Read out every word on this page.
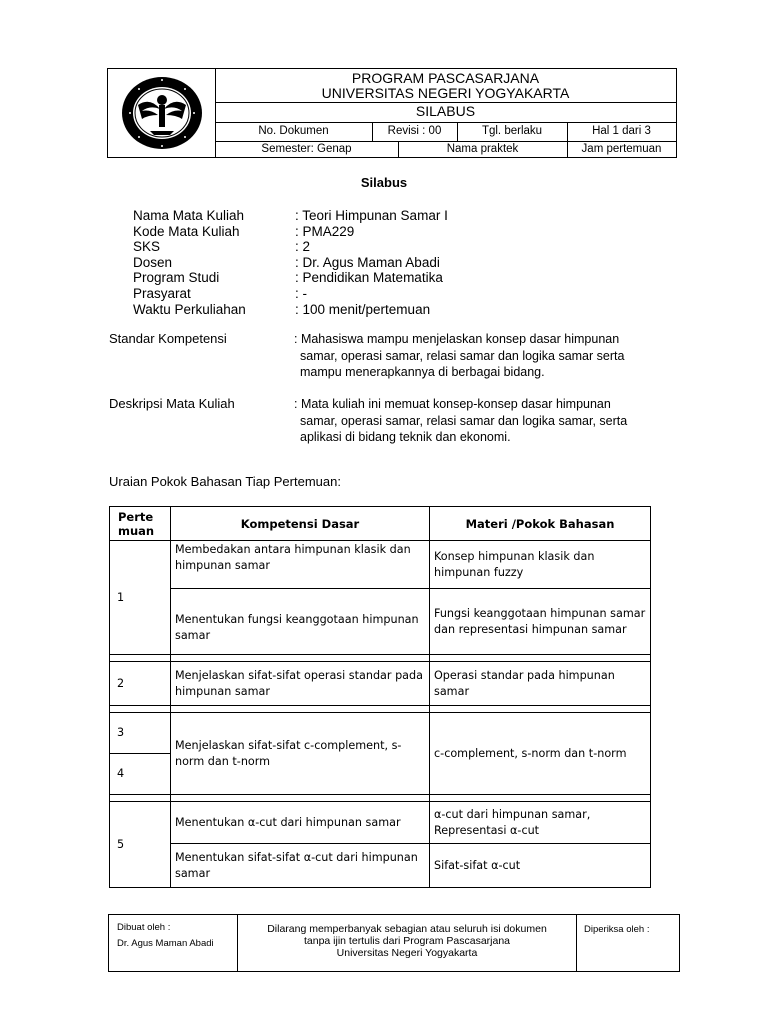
PROGRAM PASCASARJANA
UNIVERSITAS NEGERI YOGYAKARTA
SILABUS
No. Dokumen	Revisi : 00	Tgl. berlaku	Hal 1 dari 3
Semester: Genap	Nama praktek	Jam pertemuan
Silabus
Nama Mata Kuliah	: Teori Himpunan Samar I
Kode Mata Kuliah	: PMA229
SKS	: 2
Dosen	: Dr. Agus Maman Abadi
Program Studi	: Pendidikan Matematika
Prasyarat	: -
Waktu Perkuliahan	: 100 menit/pertemuan
Standar Kompetensi	: Mahasiswa mampu menjelaskan konsep dasar himpunan
samar, operasi samar, relasi samar dan logika samar serta
mampu menerapkannya di berbagai bidang.
Deskripsi Mata Kuliah	: Mata kuliah ini memuat konsep-konsep dasar himpunan
samar, operasi samar, relasi samar dan logika samar, serta
aplikasi di bidang teknik dan ekonomi.
Uraian Pokok Bahasan Tiap Pertemuan:
Perte muan	Kompetensi Dasar	Materi /Pokok Bahasan
1	Membedakan antara himpunan klasik dan himpunan samar	Konsep himpunan klasik dan himpunan fuzzy
	Menentukan fungsi keanggotaan himpunan samar	Fungsi keanggotaan himpunan samar dan representasi himpunan samar

2	Menjelaskan sifat-sifat operasi standar pada himpunan samar	Operasi standar pada himpunan samar

3	Menjelaskan sifat-sifat c-complement, s-norm dan t-norm	c-complement, s-norm dan t-norm
4		

5	Menentukan α-cut dari himpunan samar	α-cut dari himpunan samar,
Representasi α-cut

	Menentukan sifat-sifat α-cut dari himpunan samar	Sifat-sifat α-cut
Dibuat oleh :
Dr. Agus Maman Abadi
Dilarang memperbanyak sebagian atau seluruh isi dokumen
tanpa ijin tertulis dari Program Pascasarjana
Universitas Negeri Yogyakarta
Diperiksa oleh :
